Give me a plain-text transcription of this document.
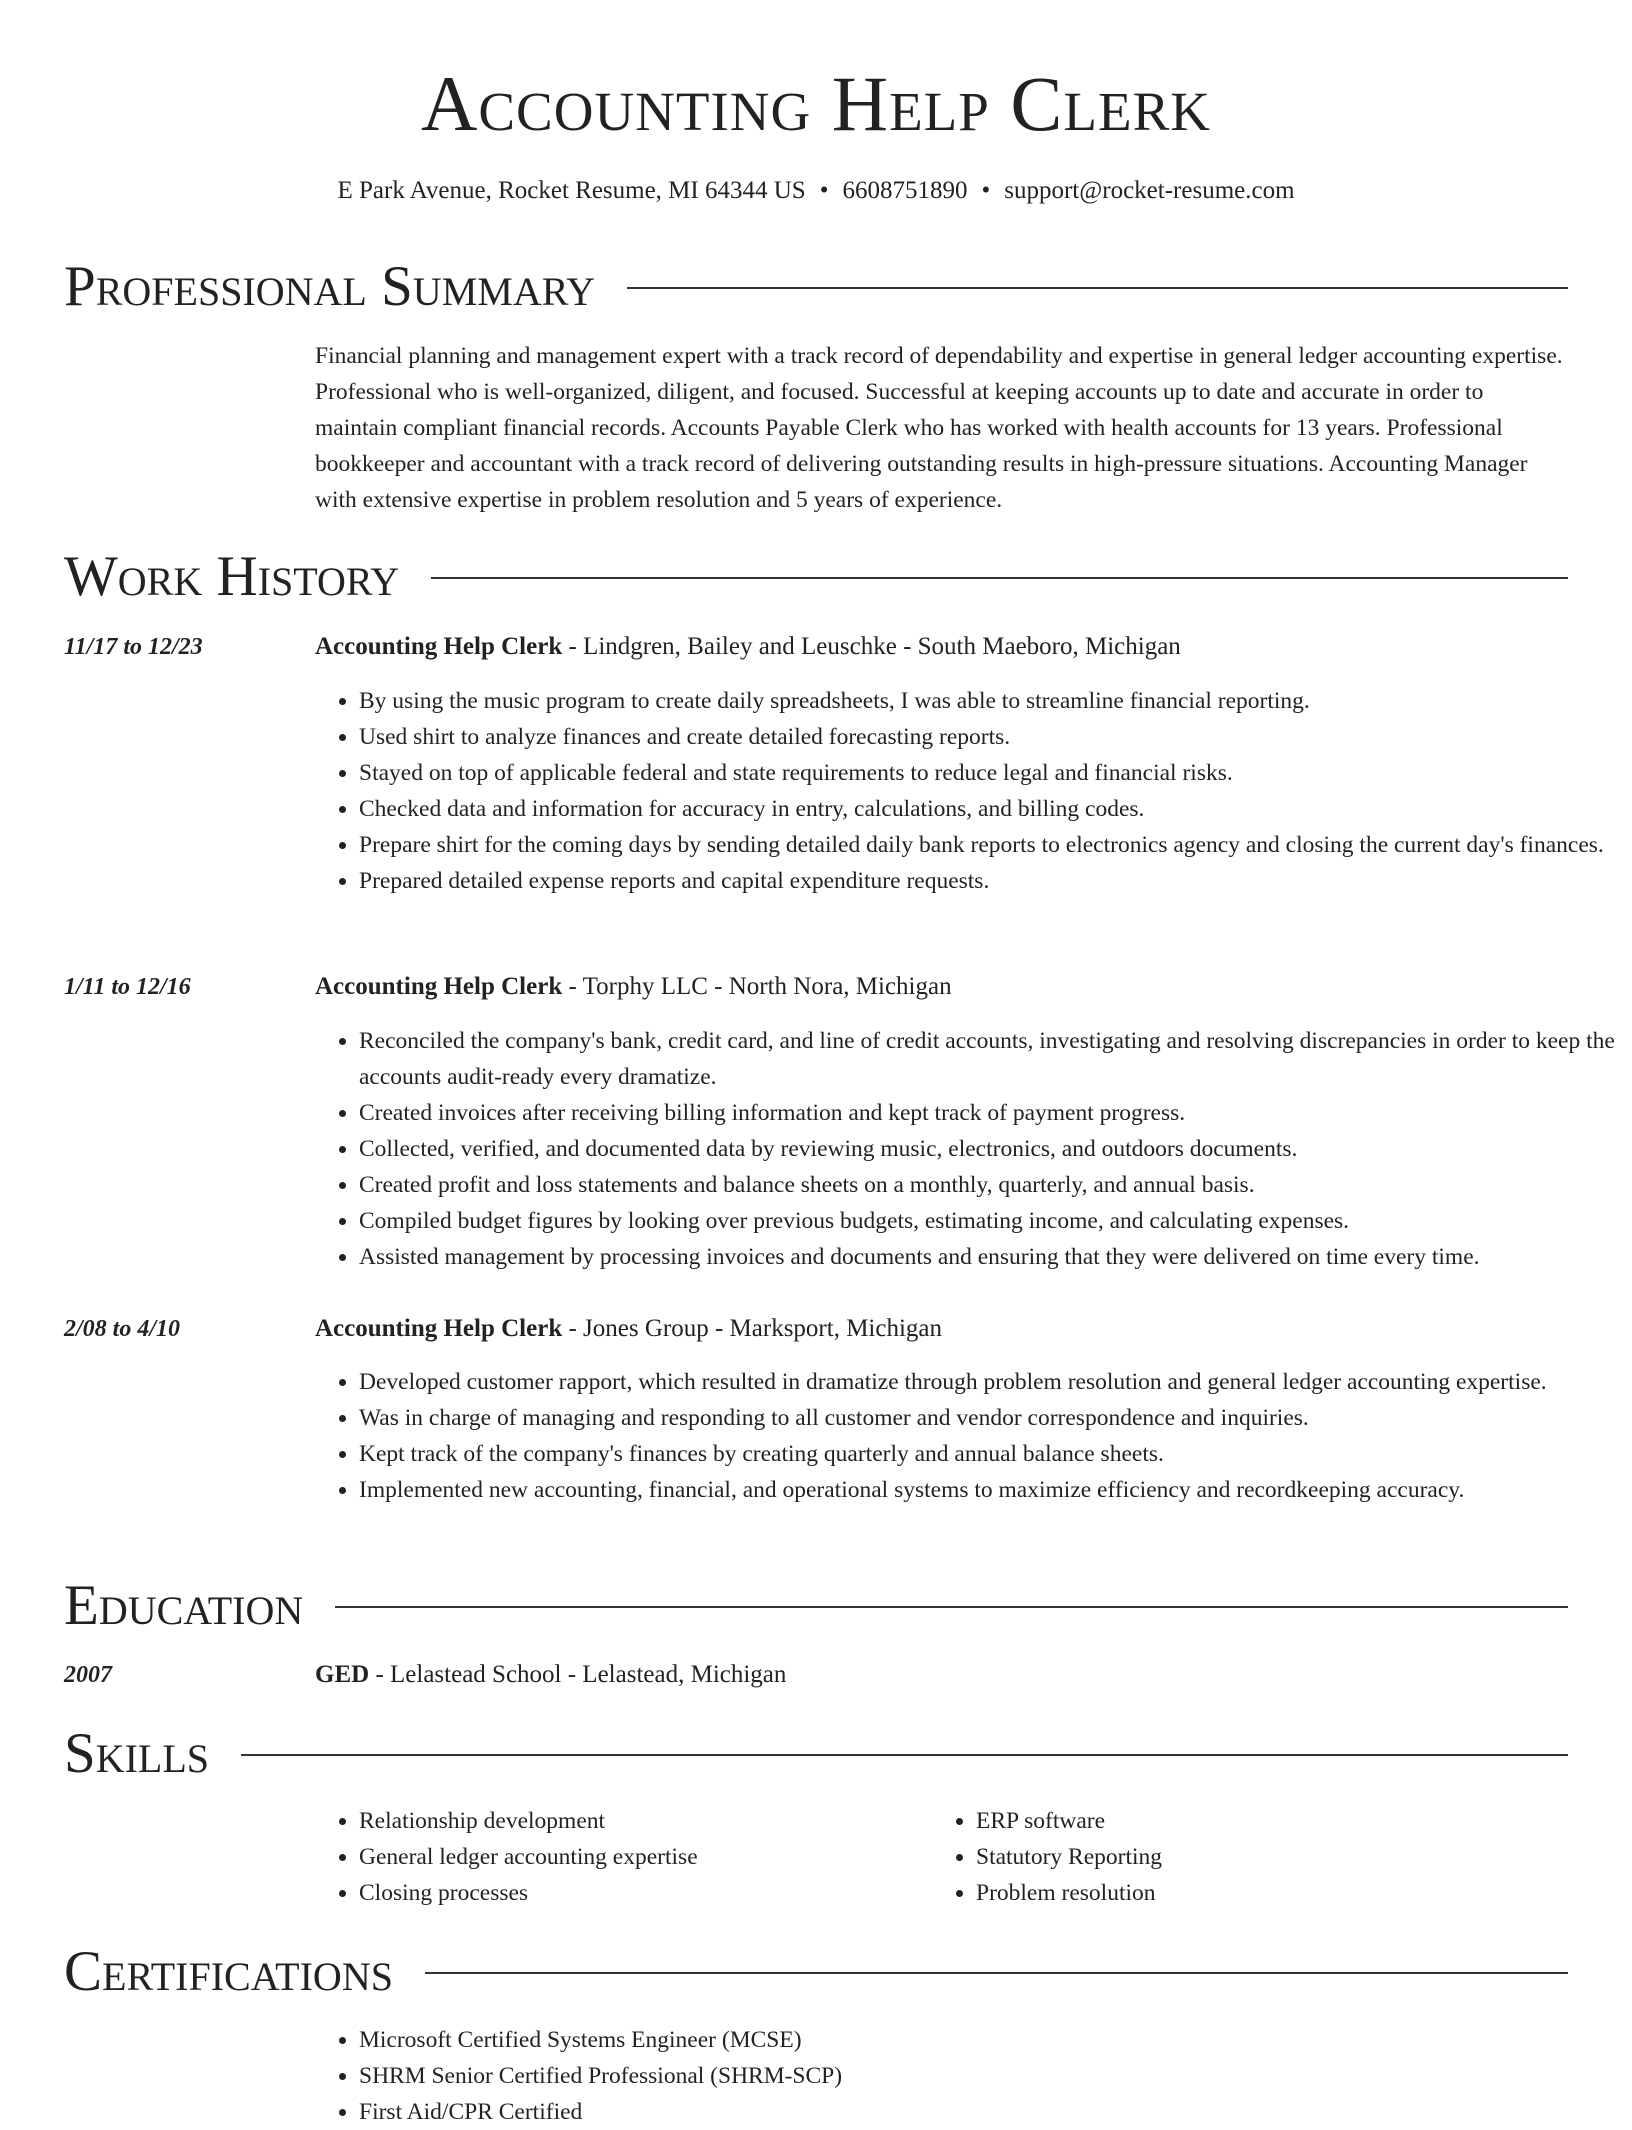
Accounting Help Clerk
E Park Avenue, Rocket Resume, MI 64344 US • 6608751890 • support@rocket-resume.com
Professional Summary
Financial planning and management expert with a track record of dependability and expertise in general ledger accounting expertise. Professional who is well-organized, diligent, and focused. Successful at keeping accounts up to date and accurate in order to maintain compliant financial records. Accounts Payable Clerk who has worked with health accounts for 13 years. Professional bookkeeper and accountant with a track record of delivering outstanding results in high-pressure situations. Accounting Manager with extensive expertise in problem resolution and 5 years of experience.
Work History
11/17 to 12/23	Accounting Help Clerk - Lindgren, Bailey and Leuschke - South Maeboro, Michigan
• By using the music program to create daily spreadsheets, I was able to streamline financial reporting.
• Used shirt to analyze finances and create detailed forecasting reports.
• Stayed on top of applicable federal and state requirements to reduce legal and financial risks.
• Checked data and information for accuracy in entry, calculations, and billing codes.
• Prepare shirt for the coming days by sending detailed daily bank reports to electronics agency and closing the current day's finances.
• Prepared detailed expense reports and capital expenditure requests.
1/11 to 12/16	Accounting Help Clerk - Torphy LLC - North Nora, Michigan
• Reconciled the company's bank, credit card, and line of credit accounts, investigating and resolving discrepancies in order to keep the accounts audit-ready every dramatize.
• Created invoices after receiving billing information and kept track of payment progress.
• Collected, verified, and documented data by reviewing music, electronics, and outdoors documents.
• Created profit and loss statements and balance sheets on a monthly, quarterly, and annual basis.
• Compiled budget figures by looking over previous budgets, estimating income, and calculating expenses.
• Assisted management by processing invoices and documents and ensuring that they were delivered on time every time.
2/08 to 4/10	Accounting Help Clerk - Jones Group - Marksport, Michigan
• Developed customer rapport, which resulted in dramatize through problem resolution and general ledger accounting expertise.
• Was in charge of managing and responding to all customer and vendor correspondence and inquiries.
• Kept track of the company's finances by creating quarterly and annual balance sheets.
• Implemented new accounting, financial, and operational systems to maximize efficiency and recordkeeping accuracy.
Education
2007	GED - Lelastead School - Lelastead, Michigan
Skills
• Relationship development
• General ledger accounting expertise
• Closing processes
• ERP software
• Statutory Reporting
• Problem resolution
Certifications
• Microsoft Certified Systems Engineer (MCSE)
• SHRM Senior Certified Professional (SHRM-SCP)
• First Aid/CPR Certified
